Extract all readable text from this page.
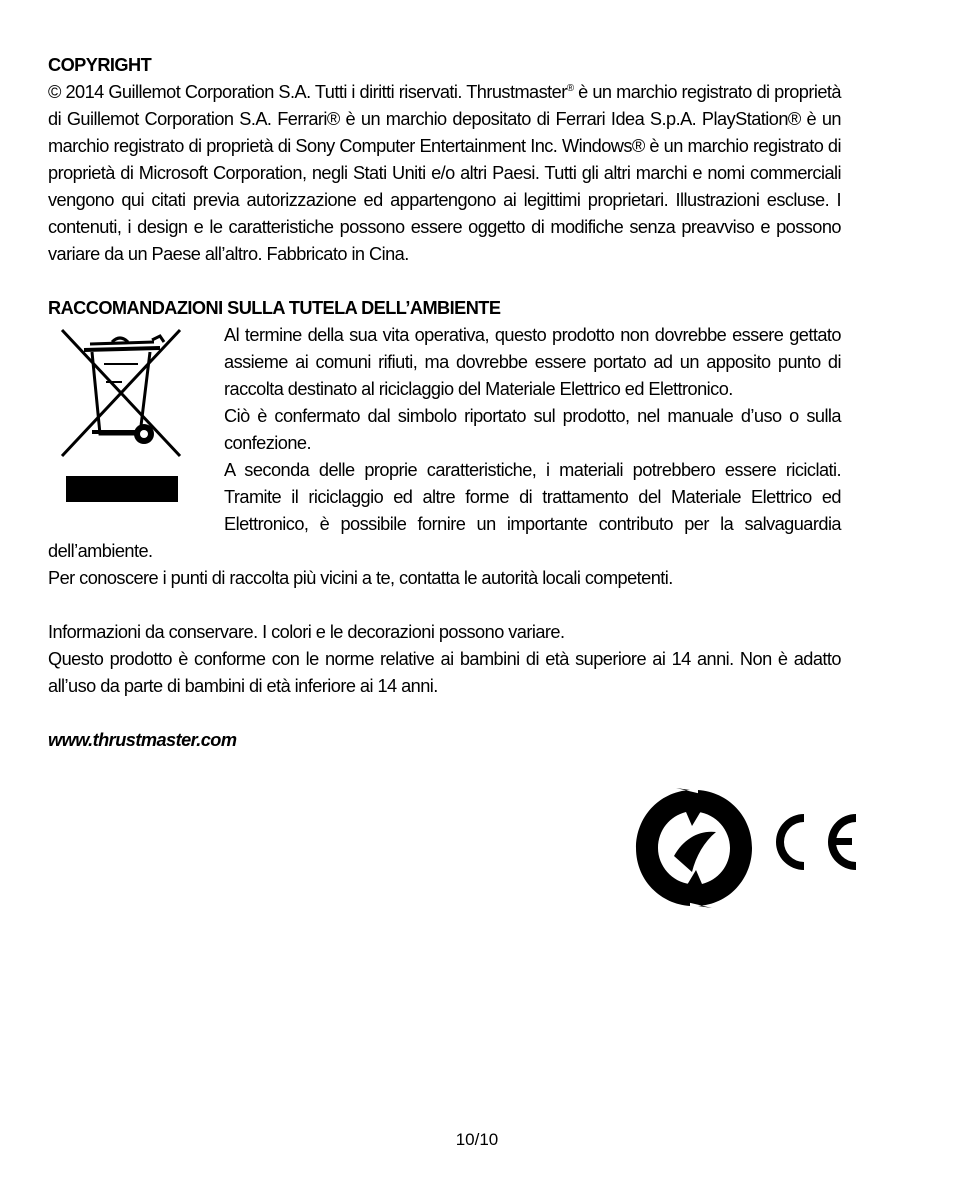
COPYRIGHT

© 2014 Guillemot Corporation S.A. Tutti i diritti riservati. Thrustmaster® è un marchio registrato di proprietà di Guillemot Corporation S.A. Ferrari® è un marchio depositato di Ferrari Idea S.p.A. PlayStation® è un marchio registrato di proprietà di Sony Computer Entertainment Inc. Windows® è un marchio registrato di proprietà di Microsoft Corporation, negli Stati Uniti e/o altri Paesi. Tutti gli altri marchi e nomi commerciali vengono qui citati previa autorizzazione ed appartengono ai legittimi proprietari. Illustrazioni escluse. I contenuti, i design e le caratteristiche possono essere oggetto di modifiche senza preavviso e possono variare da un Paese all’altro. Fabbricato in Cina.

RACCOMANDAZIONI SULLA TUTELA DELL’AMBIENTE

Al termine della sua vita operativa, questo prodotto non dovrebbe essere gettato assieme ai comuni rifiuti, ma dovrebbe essere portato ad un apposito punto di raccolta destinato al riciclaggio del Materiale Elettrico ed Elettronico.

Ciò è confermato dal simbolo riportato sul prodotto, nel manuale d’uso o sulla confezione.

A seconda delle proprie caratteristiche, i materiali potrebbero essere riciclati. Tramite il riciclaggio ed altre forme di trattamento del Materiale Elettrico ed Elettronico, è possibile fornire un importante contributo per la salvaguardia dell’ambiente.

Per conoscere i punti di raccolta più vicini a te, contatta le autorità locali competenti.

Informazioni da conservare. I colori e le decorazioni possono variare.

Questo prodotto è conforme con le norme relative ai bambini di età superiore ai 14 anni. Non è adatto all’uso da parte di bambini di età inferiore ai 14 anni.

www.thrustmaster.com

10/10
